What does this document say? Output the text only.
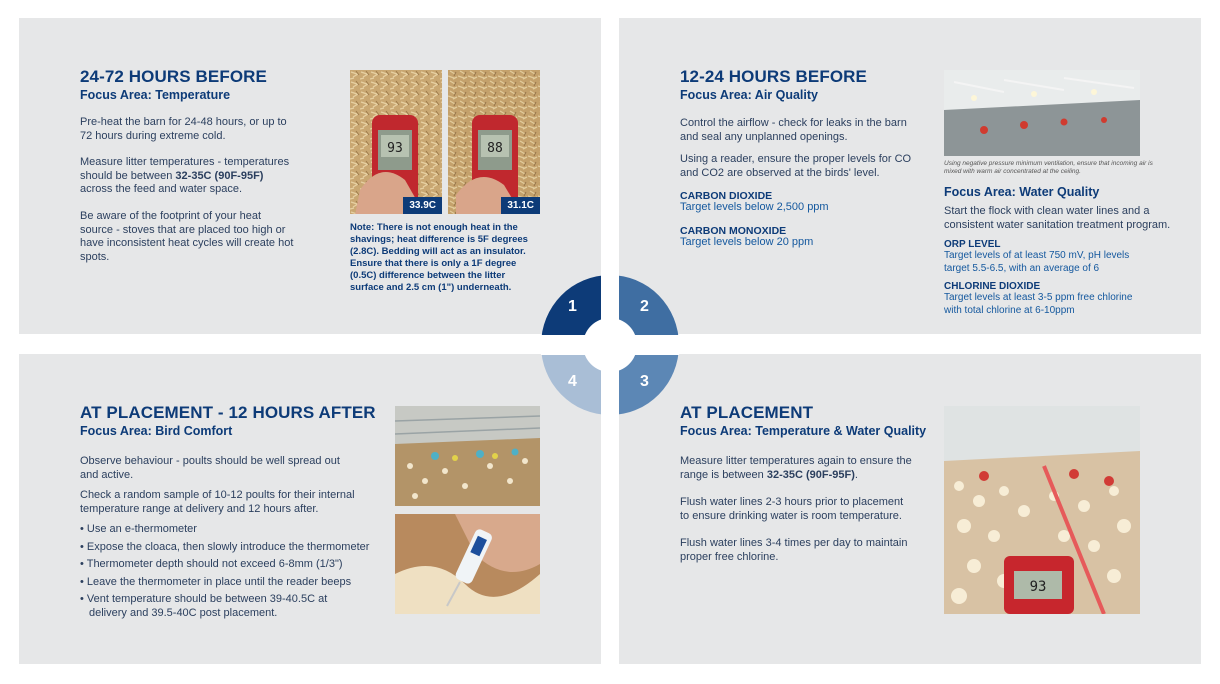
24-72 HOURS BEFORE
Focus Area: Temperature
Pre-heat the barn for 24-48 hours, or up to 72 hours during extreme cold.
Measure litter temperatures - temperatures should be between 32-35C (90F-95F) across the feed and water space.
Be aware of the footprint of your heat source - stoves that are placed too high or have inconsistent heat cycles will create hot spots.
93
33.9C
88
31.1C
Note: There is not enough heat in the shavings; heat difference is 5F degrees (2.8C). Bedding will act as an insulator. Ensure that there is only a 1F degree (0.5C) difference between the litter surface and 2.5 cm (1") underneath.
12-24 HOURS BEFORE
Focus Area: Air Quality
Control the airflow - check for leaks in the barn and seal any unplanned openings.
Using a reader, ensure the proper levels for CO and CO2 are observed at the birds' level.
CARBON DIOXIDE
Target levels below 2,500 ppm
CARBON MONOXIDE
Target levels below 20 ppm
Using negative pressure minimum ventilation, ensure that incoming air is mixed with warm air concentrated at the ceiling.
Focus Area: Water Quality
Start the flock with clean water lines and a consistent water sanitation treatment program.
ORP LEVEL
Target levels of at least 750 mV, pH levels target 5.5-6.5, with an average of 6
CHLORINE DIOXIDE
Target levels at least 3-5 ppm free chlorine with total chlorine at 6-10ppm
AT PLACEMENT
Focus Area: Temperature & Water Quality
Measure litter temperatures again to ensure the range is between 32-35C (90F-95F).
Flush water lines 2-3 hours prior to placement to ensure drinking water is room temperature.
Flush water lines 3-4 times per day to maintain proper free chlorine.
93
AT PLACEMENT - 12 HOURS AFTER
Focus Area: Bird Comfort
Observe behaviour - poults should be well spread out and active.
Check a random sample of 10-12 poults for their internal temperature range at delivery and 12 hours after.
• Use an e-thermometer
• Expose the cloaca, then slowly introduce the thermometer
• Thermometer depth should not exceed 6-8mm (1/3")
• Leave the thermometer in place until the reader beeps
• Vent temperature should be between 39-40.5C at delivery and 39.5-40C post placement.
1	2
3
4
